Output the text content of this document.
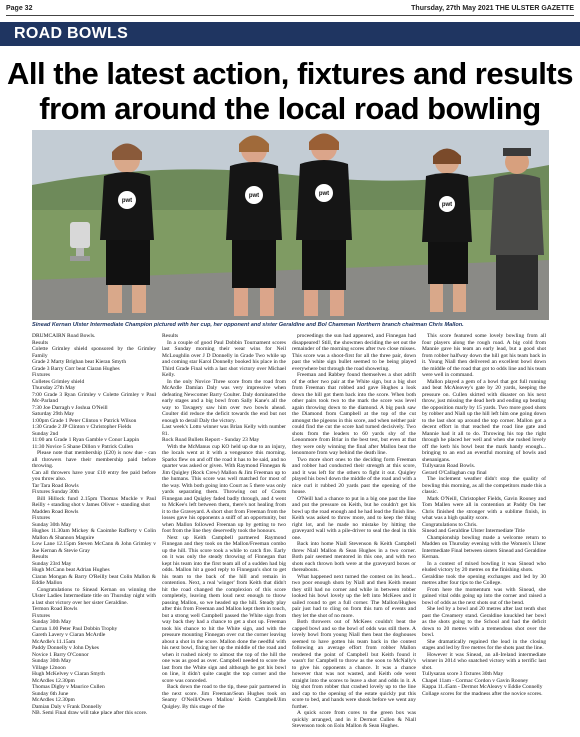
Page 32	Thursday, 27th May 2021 THE ULSTER GAZETTE
ROAD BOWLS
All the latest action, fixtures and results
from around the local road bowling
pwt
pwt	pwt
pwt
Sinead Kernan Ulster Intermediate Champion pictured with her cup, her opponent and sister Geraldine and Bol Chamman Northern branch chairman Chris Mallon.

DRUMCAIRN Road Bowls.

Results

Colette Grimley shield sponsored by the Grimley Family

Grade 2 Marty Brighan beat Kieran Smyth

Grade 3 Barry Corr beat Ciaran Hughes

Fixtures

Colletes Grimley shield

Thursday 27th May

7:00 Grade 3 Ryan Grimley v Colette Grimley v Paul Mc-Parland

7:30 Joe Darragh v Joshua O'Neill

Saturday 29th May

1:00pm Grade 1 Peter Clinton v Patrick Wilson

1:30 Grade 2 JP Clinton v Christopher Fields

Sunday 2nd

11:00 am Grade 1 Ryan Gamble v Conor Lappin

11:30 Novice 5 Shane Dillon v Patrick Cullen

Please note that membership (£20) is now due - can all throwers have their membership paid before throwing.

Can all throwers have your £10 entry fee paid before you throw also.

Tar Tara Road Bowls

Fixtures Sunday 30th

Bill Hillock fund 2.15pm Thomas Muckle v Paul Reilly + standing shot v James Oliver + standing shot

Madden Road Bowls

Fixtures

Sunday 30th May

Hughes 11.30am Mickey & Caoimhe Rafferty v Colin Mallon & Shannon Maguire

Low Lane 12.15pm Steven McCann & John Grimley v Joe Kernan & Stevie Gray

Results

Sunday 23rd May

Hugh McCann beat Adrian Hughes

Ciaran Mongan & Barry O'Reilly beat Colin Mallon & Eddie Mallon

Congratulations to Sinead Kernan on winning the Ulster Ladies Intermediate title on Thursday night with a last shot victory over her sister Geraldine.

Termon Road Bowls

Fixtures

Sunday 30th May

Curran 1.00 Peter Paul Dobbin Trophy

Gareth Lavery v Ciaran McArdle

McArdle's 11.15am

Paddy Donnelly v John Dykes

Novice 1 Barry O'Connor

Sunday 30th May

Village 12noon

Hugh McKelvey v Ciaran Smyth

McArdles 12.30pm

Thomas Digby v Maurice Cullen

Sunday 6th June

McArdles 12.30pm

Damian Daly v Frank Donnelly

NB. Semi Final draw will take place after this score.

Results

In a couple of good Paul Dobbin Tournament scores last Sunday morning their wear wins for Neil McLoughlin over J D Donnelly in Grade Two while up and coming star Karol Donnelly booked his place in the Third Grade Final with a last shot victory over Michael Kelly.

In the only Novice Three score from the road from McArdle Damian Daly was very impressive when defeating Newcomer Barry Coulter. Daly dominated the early stages and a big bowl from Sally Kane's all the way to Tavagery saw him over two bowls ahead. Coulter did reduce the deficit towards the end but not enough to derail Daly the victory.

Last week's Lotto winner was Brian Kelly with number 81.

Rock Road Bullets Report - Sunday 23 May

With the McManus cup KO held up due to an injury, the locals went at it with a vengeance this morning. Sparks flew on and off the road it has to be said, and no quarter was asked or given. With Raymond Finnegan & Jim Quigley (Rock Crew) Mallon & Jim Freeman up to the humans. This score was well matched for most of the way. With both going into Court as 5 there was only yards separating them. Throwing out of Courts Finnegan and Quigley faded badly through, and 4 went to McKee's left between them, there's not healing from it to the Graveyard. A short shot from Freeman from the losses gave his opponents a sniff of an opportunity, but when Mallon followed Freeman up by getting to two foot from the line they deservedly took the honours.

Next up Keith Campbell partnered Raymond Finnegan and they took on the Mallon/Freeman combo up the hill. This score took a while to catch fire. Early on it was only the steady throwing of Finnegan that kept his team into the first team all of a sudden had big odds. Mallon hit a good reply to Finnegan's shot to get his team to the back of the hill and remain in contention. Next, a real 'winger' from Keith that didn't hit the road changed the complexion of this score completely, leaving them loud next enough to throw passing Mallon, so we headed up the hill. Steady play after this from Freeman and Mallon kept them in touch, but a strong well Campbell passed the White sign from way back they had a chance to get a shot up. Freeman took his chance to hit the White sign, and with the pressure mounting Finnegan over cut the corner leaving about a shot in the score. Mallon done the needful with his next bowl, fixing her up the middle of the road and when it rushed nicely to almost the top of the hill the one was as good as over. Campbell needed to score the last from the White sign and although he got his bowl on line, it didn't quite caught the top corner and the score was conceded.

Back down the road to the tip, these pair partnered in the next score. Jim Freeman/Sean Hughes took on Seamy O'Neill/Owen Mallon/ Keith Campbell/Jim Quigley. By this stage of the

proceedings the sun had appeared, and Finnegan had disappeared! Still, the showmen deciding the set out the remainder of the morning scores after two close misses. This score was a shoot-first for all the three pair, down past the white sign bullet seemed to be being played everywhere but through the road showering.

Freeman and Rabbey found themselves a shot adrift of the other two pair at the White sign, but a big shot from Freeman that robbed and gave Hughes a look down the hill got them back into the score. When both other pairs took two to the mark the score was level again throwing down to the diamond. A big push saw the Diamond from Campbell at the top of the cut amongst the pigeons in this score, and when neither pair could find the cut the score had turned decisively. Two shots from the leaders to 60 yards shy of the Lenonmore from Briar in the best test, but even at that they were only winning the final after Mallon beat the lenonmore from way behind the death line.

Two more short ones to the deciding form Freeman and robber had conducted their strength at this score, and it was left for the others to fight it out. Quigley played his bowl down the middle of the road and with a nice curl it rubbed 20 yards past the opening of the house.

O'Neill had a chance to put in a big one past the line and put the pressure on Keith, but he couldn't get his bowl up the road enough and he had lead the finish line. Keith was asked to throw more, and to keep the thing right lot, and he made no mistake by hitting the graveyard wall with a pile-driver to seal the deal in this one.

Back into home Niall Stevenson & Keith Campbell threw Niall Mallon & Sean Hughes in a two corner. Both pair seemed mentored in this one, and with two shots each thrown both were at the graveyard boxes or thereabouts.

What happened next turned the contest on its head... two poor enough shots by Niall and then Keith meant they still had no corner and while in between robber looked his bowl lovely up the left into McKees and it sailed round to get a full corner. The Mallon/Hughes pair just had to cling on from this turn of events and they let the shot of no more.

Both throwers out of McKees couldn't beat the capped bowl and so the bowl of odds was still there. A lovely bowl from young Niall then beat the doghouses seemed to have gotten his team back in the contest following an average effort from robber Mallon rendered the point of Campbell but Keith found it wasn't for Campbell to throw as the soon to McNally's to give his opponents a chance. It was a chance however that was not wasted, and Keith ode went straight into the scores to leave a shot and odds in it. A big shot from robber that crashed lovely up to the line and cap to the opening of the estate quickly put this score to bed, and hands were shook before we went any further.

A quick score from cores to the green box was quickly arranged, and in it Dermot Cullen & Niall Stevenson took on Eoin Mallon & Sean Hughes.

This score featured some lovely bowling from all four players along the rough road. A big cold from Mannie gave his team an early lead, but a good shot from robber halfway down the hill got his team back in it. Young Niall then delivered an excellent bowl down the middle of the road that got to odds line and his team were well in command.

Mallon played a gem of a bowl that got full running and beat McAleavey's gate by 20 yards, keeping the pressure on. Cullen skirted with disaster on his next throw, just missing the dead herb and ending up beating the opposition marly by 15 yards. Two more good shots by robber and Niall up the hill left him one going down to the last shot up around the top corner. Mallon got a decent effort in that reached the road line gate and Mannie had it all to do. Throwing his top the right through he placed her well and when she rushed lovely off the kerb his bowl beat the mark handy enough... bringing to an end an eventful morning of bowls and shenanigans.

Tullysaran Road Bowls.

Gerard O'Callaghan cup final

The inclement weather didn't stop the quality of bowling this morning, as all the competitors made this a classic.

Mark O'Neill, Christopher Fields, Gavin Rooney and Tom Mallen were all in contention at Paddy On her Chris finished the stronger with a sublime finish, in what was a high quality score.

Congratulations to Chris.

Sinead and Geraldine Ulster Intermediate Title

Championship bowling made a welcome return to Madden on Thursday evening with the Women's Ulster Intermediate Final between sisters Sinead and Geraldine Kernan.

In a contest of mixed bowling it was Sinead who eluded victory by 20 metres on the finishing shots.

Geraldine took the opening exchanges and led by 30 metres after four tips to the College.

From here the momentum was with Sinead, she gained vital odds going up into the corner and raised a bowl of odds as the next shots out of the bend.

She led by a bowl and 20 metres after last tenth shot past the Creamery stand. Geraldine knuckled her bowl as the shots going to the School and had the deficit down to 20 metres with a tremendous shot over the bowl.

She dramatically regained the lead in the closing stages and led by five metres for the shots past the line.

However it was Sinead, an all-Ireland intermediate winner in 2014 who snatched victory with a terrific last shot.

Tullysaran score 3 fixtures 30th May

Chapel 11am - Cormac Cordon v Gavin Rooney

Kappa 11.45am - Dermot McAleavy v Eddie Connelly

Collage scores for the madness after the novice scores.
